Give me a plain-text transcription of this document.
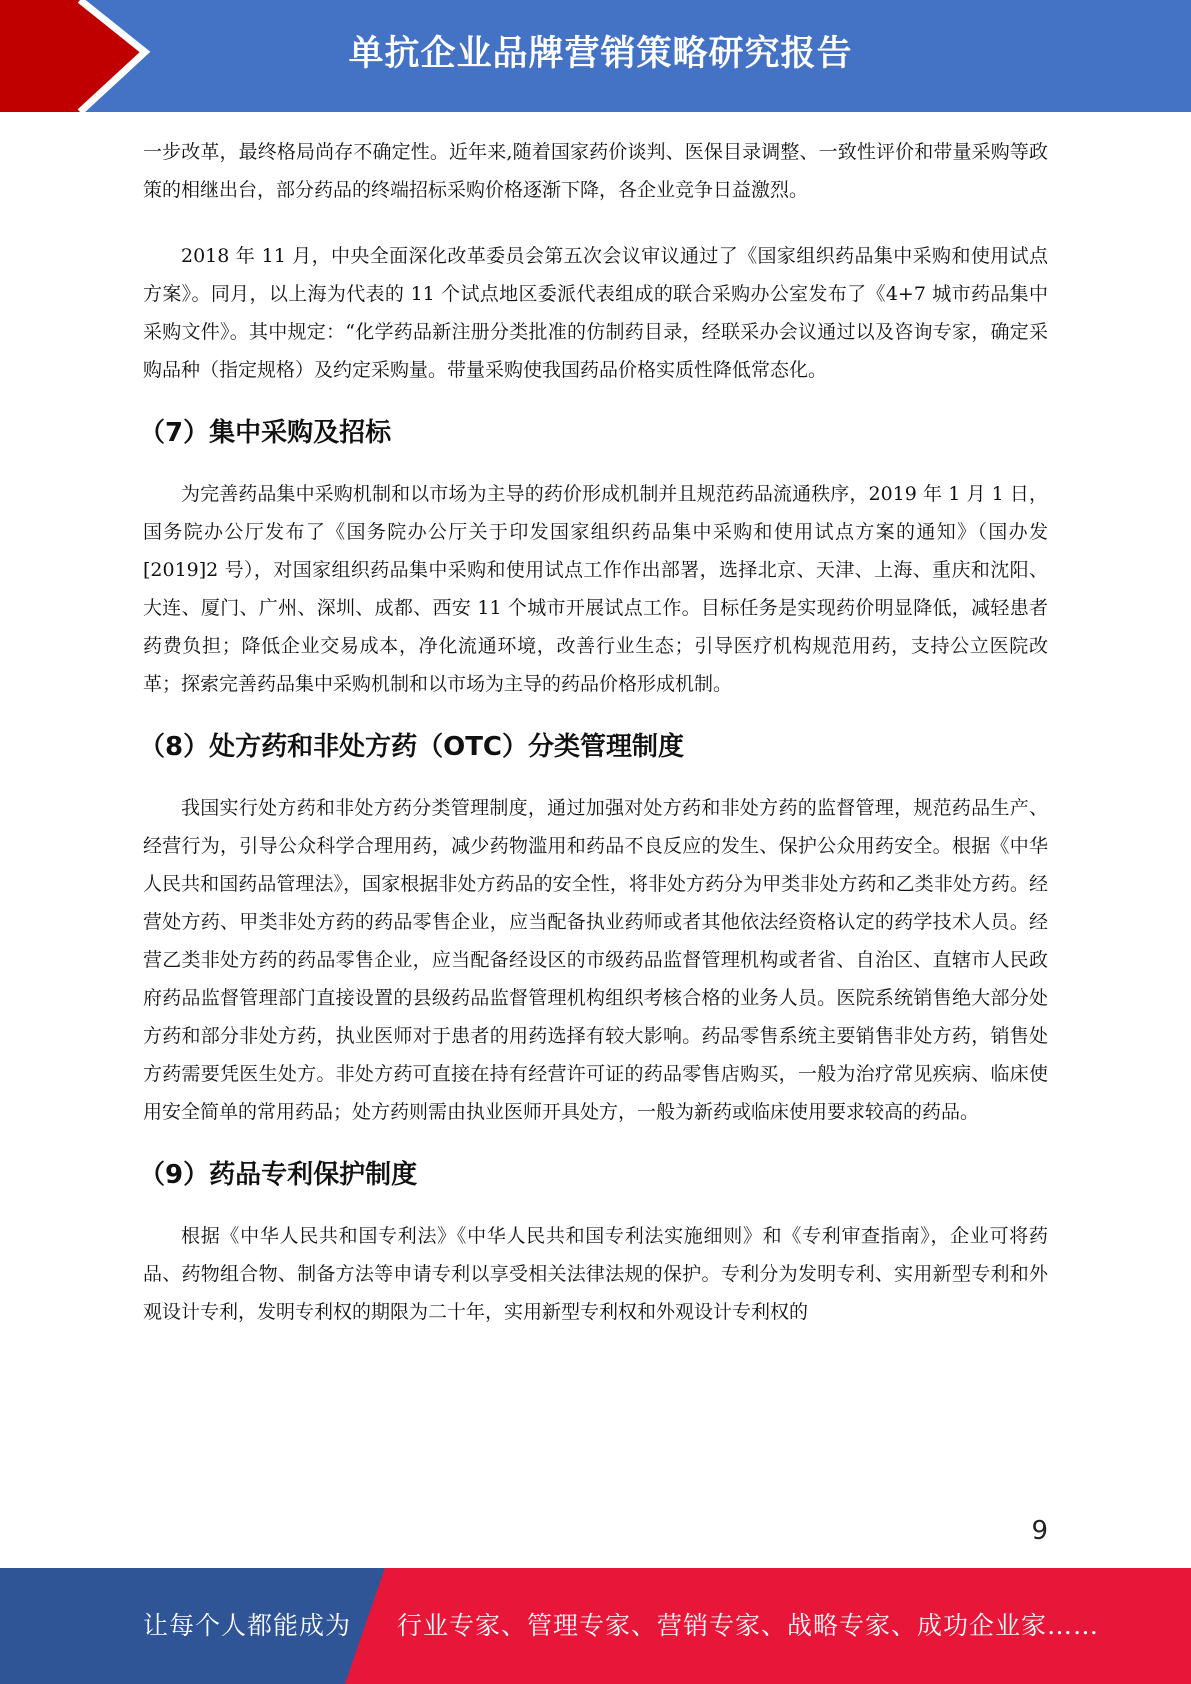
单抗企业品牌营销策略研究报告

一步改革，最终格局尚存不确定性。近年来,随着国家药价谈判、医保目录调整、一致性评价和带量采购等政策的相继出台，部分药品的终端招标采购价格逐渐下降，各企业竞争日益激烈。

2018 年 11 月，中央全面深化改革委员会第五次会议审议通过了《国家组织药品集中采购和使用试点方案》。同月，以上海为代表的 11 个试点地区委派代表组成的联合采购办公室发布了《4+7 城市药品集中采购文件》。其中规定：“化学药品新注册分类批准的仿制药目录，经联采办会议通过以及咨询专家，确定采购品种（指定规格）及约定采购量。带量采购使我国药品价格实质性降低常态化。

（7）集中采购及招标

为完善药品集中采购机制和以市场为主导的药价形成机制并且规范药品流通秩序，2019 年 1 月 1 日，国务院办公厅发布了《国务院办公厅关于印发国家组织药品集中采购和使用试点方案的通知》（国办发[2019]2 号），对国家组织药品集中采购和使用试点工作作出部署，选择北京、天津、上海、重庆和沈阳、大连、厦门、广州、深圳、成都、西安 11 个城市开展试点工作。目标任务是实现药价明显降低，减轻患者药费负担；降低企业交易成本，净化流通环境，改善行业生态；引导医疗机构规范用药，支持公立医院改革；探索完善药品集中采购机制和以市场为主导的药品价格形成机制。

（8）处方药和非处方药（OTC）分类管理制度

我国实行处方药和非处方药分类管理制度，通过加强对处方药和非处方药的监督管理，规范药品生产、经营行为，引导公众科学合理用药，减少药物滥用和药品不良反应的发生、保护公众用药安全。根据《中华人民共和国药品管理法》，国家根据非处方药品的安全性，将非处方药分为甲类非处方药和乙类非处方药。经营处方药、甲类非处方药的药品零售企业，应当配备执业药师或者其他依法经资格认定的药学技术人员。经营乙类非处方药的药品零售企业，应当配备经设区的市级药品监督管理机构或者省、自治区、直辖市人民政府药品监督管理部门直接设置的县级药品监督管理机构组织考核合格的业务人员。医院系统销售绝大部分处方药和部分非处方药，执业医师对于患者的用药选择有较大影响。药品零售系统主要销售非处方药，销售处方药需要凭医生处方。非处方药可直接在持有经营许可证的药品零售店购买，一般为治疗常见疾病、临床使用安全简单的常用药品；处方药则需由执业医师开具处方，一般为新药或临床使用要求较高的药品。

（9）药品专利保护制度

根据《中华人民共和国专利法》《中华人民共和国专利法实施细则》和《专利审查指南》，企业可将药品、药物组合物、制备方法等申请专利以享受相关法律法规的保护。专利分为发明专利、实用新型专利和外观设计专利，发明专利权的期限为二十年，实用新型专利权和外观设计专利权的

9
让每个人都能成为 行业专家、管理专家、营销专家、战略专家、成功企业家……
